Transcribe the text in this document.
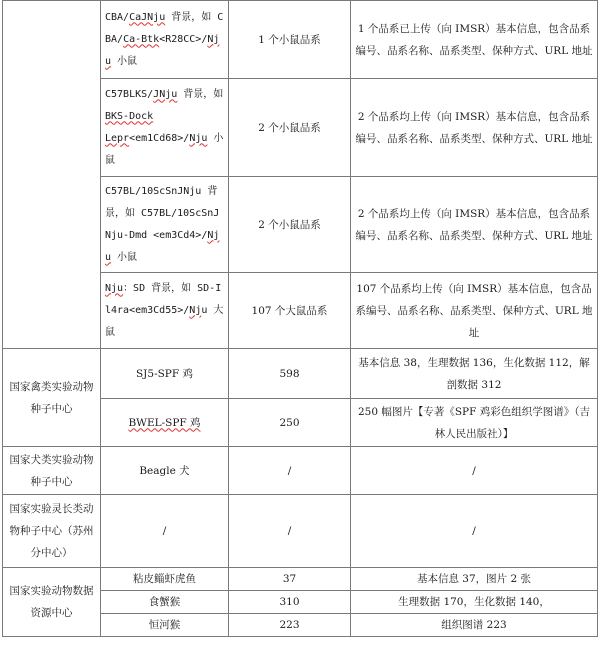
	CBA/CaJNju 背景，如 CBA/Ca-Btk<R28CC>/Nj
u 小鼠	1 个小鼠品系	1 个品系已上传（向 IMSR）基本信息，包含品系编号、品系名称、品系类型、保种方式、URL 地址
	C57BLKS/JNju 背景，如
BKS-Dock
Lepr<em1Cd68>/Nju 小鼠	2 个小鼠品系	2 个品系均上传（向 IMSR）基本信息，包含品系编号、品系名称、品系类型、保种方式、URL 地址
	C57BL/10ScSnJNju 背景，如 C57BL/10ScSnJNju-Dmd <em3Cd4>/Nju 小鼠	2 个小鼠品系	2 个品系均上传（向 IMSR）基本信息，包含品系编号、品系名称、品系类型、保种方式、URL 地址
	Nju：SD 背景，如 SD-Il4ra<em3Cd55>/Nju 大鼠	107 个大鼠品系	107 个品系均上传（向 IMSR）基本信息，包含品系编号、品系名称、品系类型、保种方式、URL 地址
国家禽类实验动物种子中心	SJ5-SPF 鸡	598	基本信息 38，生理数据 136，生化数据 112，解剖数据 312
	BWEL-SPF 鸡	250	250 幅图片【专著《SPF 鸡彩色组织学图谱》（吉林人民出版社）】
国家犬类实验动物种子中心	Beagle 犬	/	/
国家实验灵长类动物种子中心（苏州分中心）	/	/	/
国家实验动物数据资源中心	粘皮鲻虾虎鱼	37	基本信息 37，图片 2 张
	食蟹猴	310	生理数据 170，生化数据 140，
	恒河猴	223	组织图谱 223
